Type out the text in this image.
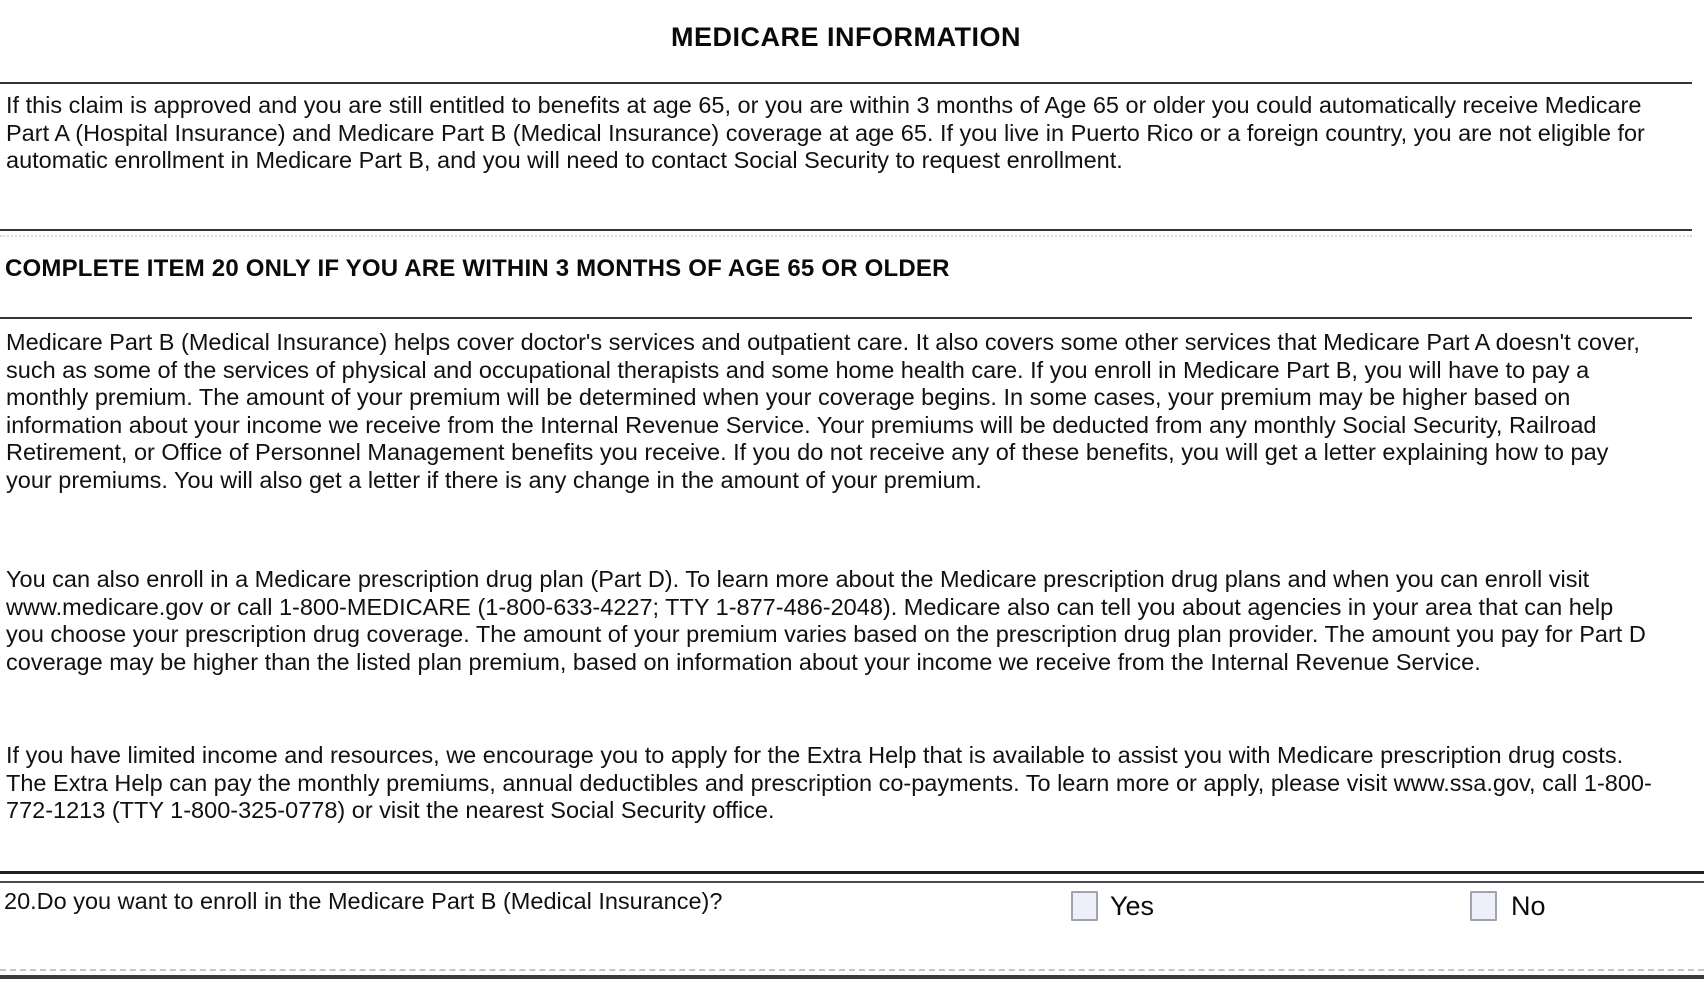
MEDICARE INFORMATION
If this claim is approved and you are still entitled to benefits at age 65, or you are within 3 months of Age 65 or older you could automatically receive Medicare Part A (Hospital Insurance) and Medicare Part B (Medical Insurance) coverage at age 65. If you live in Puerto Rico or a foreign country, you are not eligible for automatic enrollment in Medicare Part B, and you will need to contact Social Security to request enrollment.
COMPLETE ITEM 20 ONLY IF YOU ARE WITHIN 3 MONTHS OF AGE 65 OR OLDER
Medicare Part B (Medical Insurance) helps cover doctor's services and outpatient care. It also covers some other services that Medicare Part A doesn't cover, such as some of the services of physical and occupational therapists and some home health care. If you enroll in Medicare Part B, you will have to pay a monthly premium. The amount of your premium will be determined when your coverage begins. In some cases, your premium may be higher based on information about your income we receive from the Internal Revenue Service. Your premiums will be deducted from any monthly Social Security, Railroad Retirement, or Office of Personnel Management benefits you receive. If you do not receive any of these benefits, you will get a letter explaining how to pay your premiums. You will also get a letter if there is any change in the amount of your premium.
You can also enroll in a Medicare prescription drug plan (Part D). To learn more about the Medicare prescription drug plans and when you can enroll visit www.medicare.gov or call 1-800-MEDICARE (1-800-633-4227; TTY 1-877-486-2048). Medicare also can tell you about agencies in your area that can help you choose your prescription drug coverage. The amount of your premium varies based on the prescription drug plan provider. The amount you pay for Part D coverage may be higher than the listed plan premium, based on information about your income we receive from the Internal Revenue Service.
If you have limited income and resources, we encourage you to apply for the Extra Help that is available to assist you with Medicare prescription drug costs. The Extra Help can pay the monthly premiums, annual deductibles and prescription co-payments. To learn more or apply, please visit www.ssa.gov, call 1-800-772-1213 (TTY 1-800-325-0778) or visit the nearest Social Security office.
20.Do you want to enroll in the Medicare Part B (Medical Insurance)?	Yes	No
